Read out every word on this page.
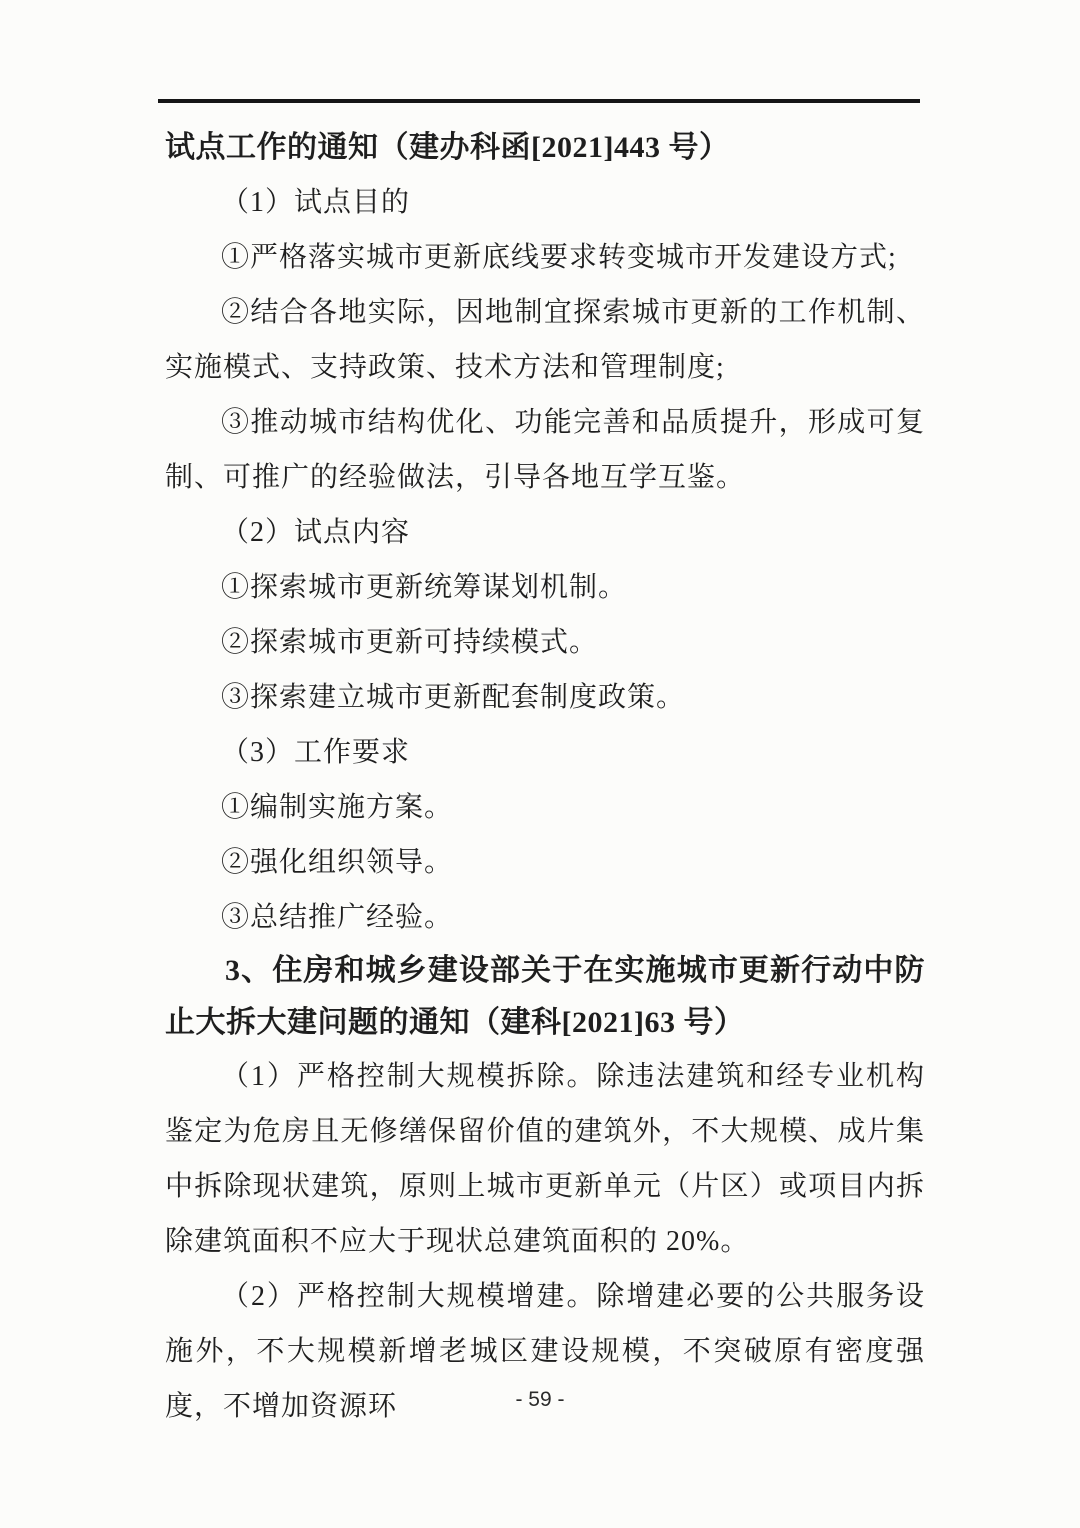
试点工作的通知（建办科函[2021]443 号）

（1）试点目的

①严格落实城市更新底线要求转变城市开发建设方式;

②结合各地实际，因地制宜探索城市更新的工作机制、实施模式、支持政策、技术方法和管理制度;

③推动城市结构优化、功能完善和品质提升，形成可复制、可推广的经验做法，引导各地互学互鉴。

（2）试点内容

①探索城市更新统筹谋划机制。

②探索城市更新可持续模式。

③探索建立城市更新配套制度政策。

（3）工作要求

①编制实施方案。

②强化组织领导。

③总结推广经验。

3、住房和城乡建设部关于在实施城市更新行动中防止大拆大建问题的通知（建科[2021]63 号）

（1）严格控制大规模拆除。除违法建筑和经专业机构鉴定为危房且无修缮保留价值的建筑外，不大规模、成片集中拆除现状建筑，原则上城市更新单元（片区）或项目内拆除建筑面积不应大于现状总建筑面积的 20%。

（2）严格控制大规模增建。除增建必要的公共服务设施外，不大规模新增老城区建设规模，不突破原有密度强度，不增加资源环	- 59 -
